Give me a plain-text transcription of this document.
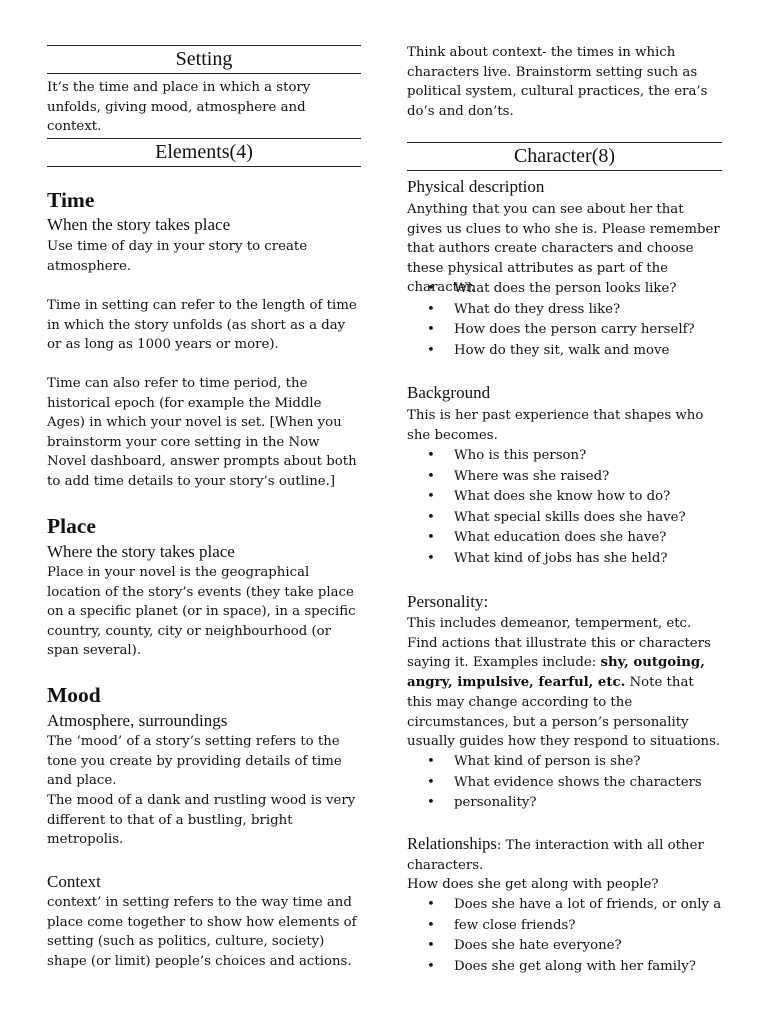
Setting

It’s the time and place in which a story unfolds, giving mood, atmosphere and context.

Elements(4)
Time
When the story takes place

Use time of day in your story to create atmosphere.

Time in setting can refer to the length of time in which the story unfolds (as short as a day or as long as 1000 years or more).

Time can also refer to time period, the historical epoch (for example the Middle Ages) in which your novel is set. [When you brainstorm your core setting in the Now Novel dashboard, answer prompts about both to add time details to your story’s outline.]

Place
Where the story takes place

Place in your novel is the geographical location of the story’s events (they take place on a specific planet (or in space), in a specific country, county, city or neighbourhood (or span several).

Mood
Atmosphere, surroundings

The ‘mood’ of a story’s setting refers to the tone you create by providing details of time and place.

The mood of a dank and rustling wood is very different to that of a bustling, bright metropolis.

Context

context’ in setting refers to the way time and place come together to show how elements of setting (such as politics, culture, society) shape (or limit) people’s choices and actions.

Think about context- the times in which characters live. Brainstorm setting such as political system, cultural practices, the era’s do’s and don’ts.

Character(8)
Physical description

Anything that you can see about her that gives us clues to who she is. Please remember that authors create characters and choose these physical attributes as part of the character.

• What does the person looks like?
• What do they dress like?
• How does the person carry herself?
• How do they sit, walk and move
Background

This is her past experience that shapes who she becomes.

• Who is this person?
• Where was she raised?
• What does she know how to do?
• What special skills does she have?
• What education does she have?
• What kind of jobs has she held?
Personality:

This includes demeanor, temperment, etc. Find actions that illustrate this or characters saying it. Examples include: shy, outgoing, angry, impulsive, fearful, etc. Note that

this may change according to the circumstances, but a person’s personality usually guides how they respond to situations.

• What kind of person is she?
• What evidence shows the characters
• personality?

Relationships: The interaction with all other characters.

How does she get along with people?

• Does she have a lot of friends, or only a
• few close friends?
• Does she hate everyone?
• Does she get along with her family?
